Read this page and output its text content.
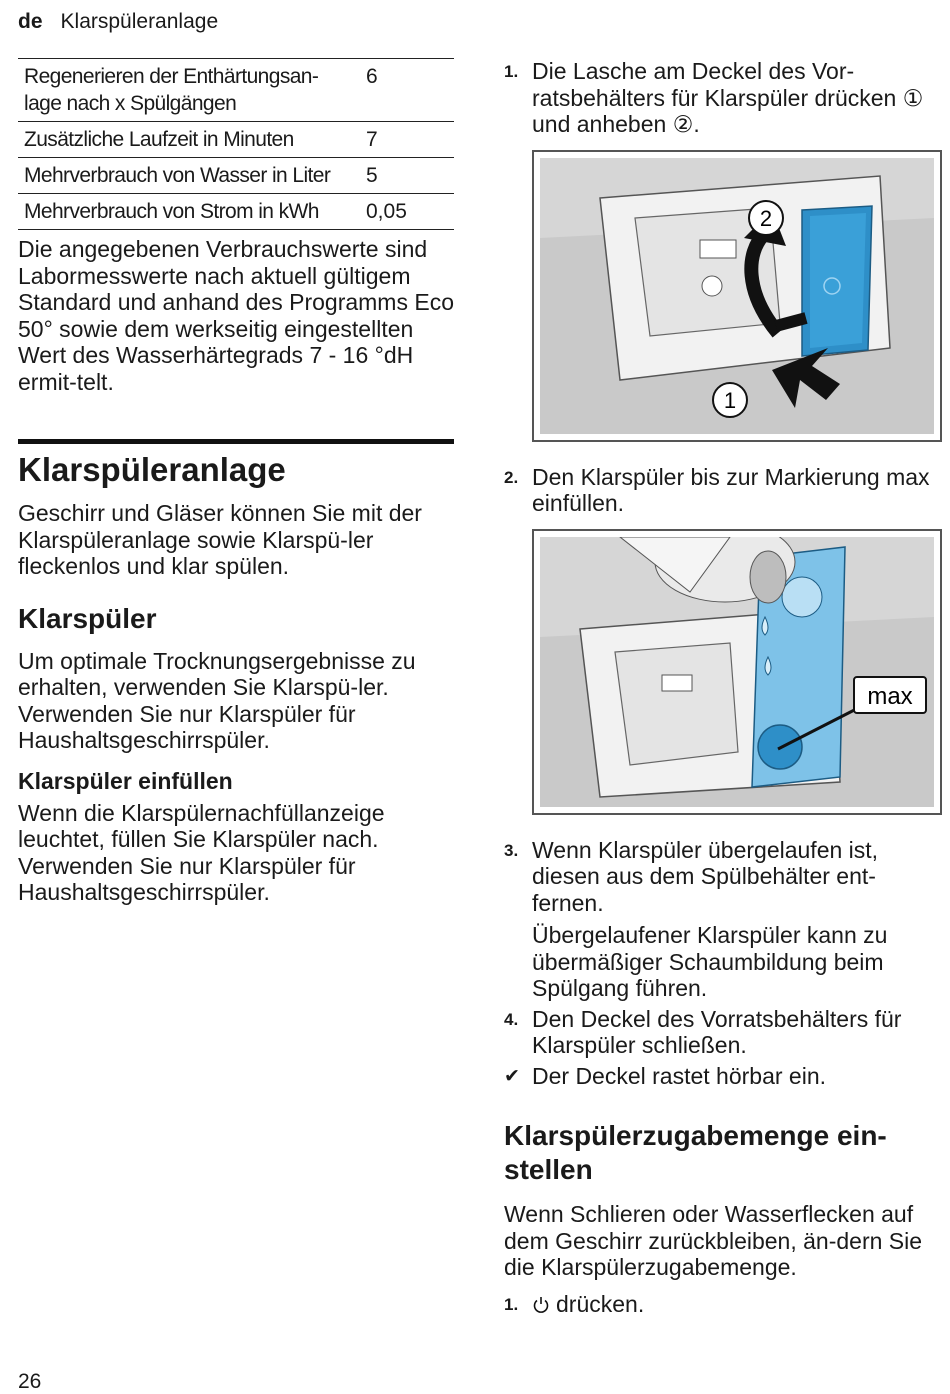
de Klarspüleranlage
Regenerieren der Enthärtungsan-lage nach x Spülgängen	6
Zusätzliche Laufzeit in Minuten	7
Mehrverbrauch von Wasser in Liter	5
Mehrverbrauch von Strom in kWh	0,05

Die angegebenen Verbrauchswerte sind Labormesswerte nach aktuell gültigem Standard und anhand des Programms Eco 50° sowie dem werkseitig eingestellten Wert des Wasserhärtegrads 7 - 16 °dH ermit-telt.

Klarspüleranlage

Geschirr und Gläser können Sie mit der Klarspüleranlage sowie Klarspü-ler fleckenlos und klar spülen.

Klarspüler

Um optimale Trocknungsergebnisse zu erhalten, verwenden Sie Klarspü-ler.

Verwenden Sie nur Klarspüler für Haushaltsgeschirrspüler.

Klarspüler einfüllen

Wenn die Klarspülernachfüllanzeige leuchtet, füllen Sie Klarspüler nach.

Verwenden Sie nur Klarspüler für Haushaltsgeschirrspüler.

1. Die Lasche am Deckel des Vor-ratsbehälters für Klarspüler drücken ① und anheben ②.
2
1
2. Den Klarspüler bis zur Markierung max einfüllen.
max
3. Wenn Klarspüler übergelaufen ist, diesen aus dem Spülbehälter ent-fernen.

Übergelaufener Klarspüler kann zu übermäßiger Schaumbildung beim Spülgang führen.

4. Den Deckel des Vorratsbehälters für Klarspüler schließen.
✔ Der Deckel rastet hörbar ein.
Klarspülerzugabemenge ein-stellen

Wenn Schlieren oder Wasserflecken auf dem Geschirr zurückbleiben, än-dern Sie die Klarspülerzugabemenge.

1. drücken.
26
